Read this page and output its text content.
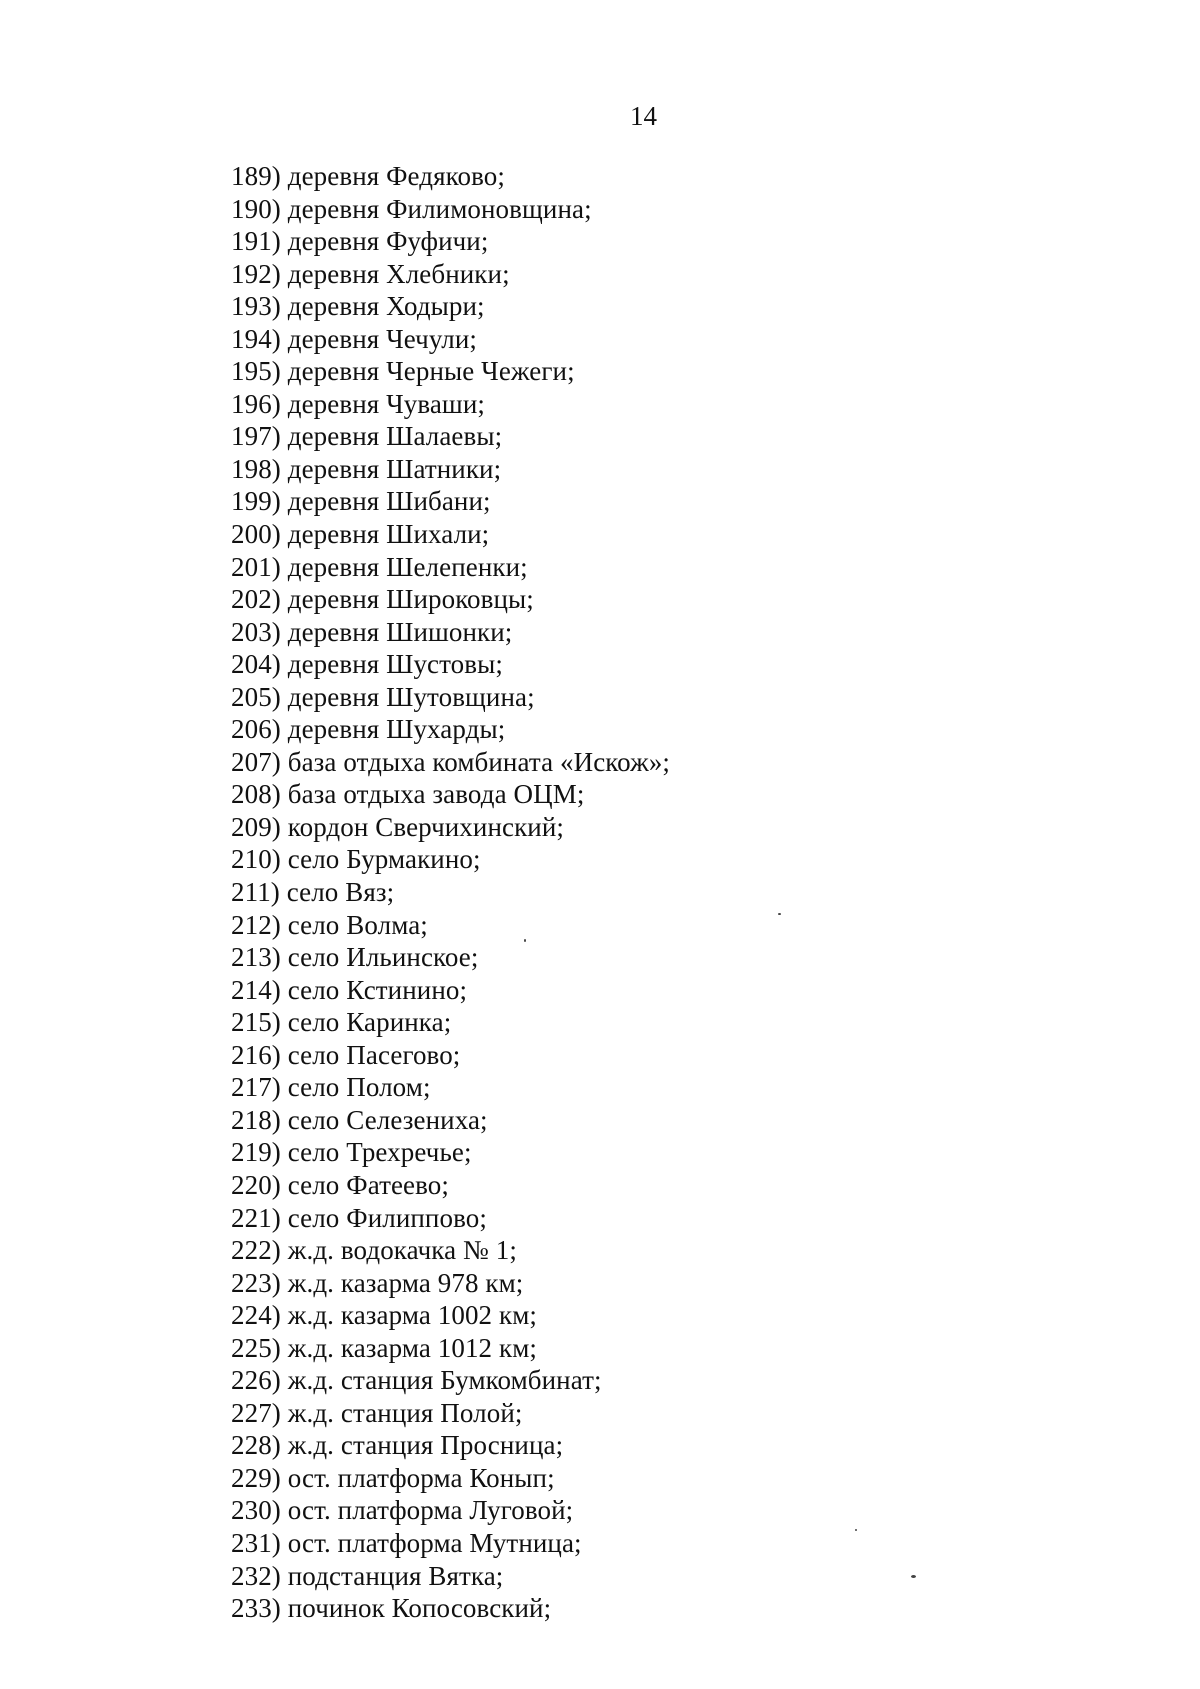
14
189) деревня Федяково;
190) деревня Филимоновщина;
191) деревня Фуфичи;
192) деревня Хлебники;
193) деревня Ходыри;
194) деревня Чечули;
195) деревня Черные Чежеги;
196) деревня Чуваши;
197) деревня Шалаевы;
198) деревня Шатники;
199) деревня Шибани;
200) деревня Шихали;
201) деревня Шелепенки;
202) деревня Широковцы;
203) деревня Шишонки;
204) деревня Шустовы;
205) деревня Шутовщина;
206) деревня Шухарды;
207) база отдыха комбината «Искож»;
208) база отдыха завода ОЦМ;
209) кордон Сверчихинский;
210) село Бурмакино;
211) село Вяз;
212) село Волма;
213) село Ильинское;
214) село Кстинино;
215) село Каринка;
216) село Пасегово;
217) село Полом;
218) село Селезениха;
219) село Трехречье;
220) село Фатеево;
221) село Филиппово;
222) ж.д. водокачка № 1;
223) ж.д. казарма 978 км;
224) ж.д. казарма 1002 км;
225) ж.д. казарма 1012 км;
226) ж.д. станция Бумкомбинат;
227) ж.д. станция Полой;
228) ж.д. станция Просница;
229) ост. платформа Конып;
230) ост. платформа Луговой;
231) ост. платформа Мутница;
232) подстанция Вятка;
233) починок Копосовский;
